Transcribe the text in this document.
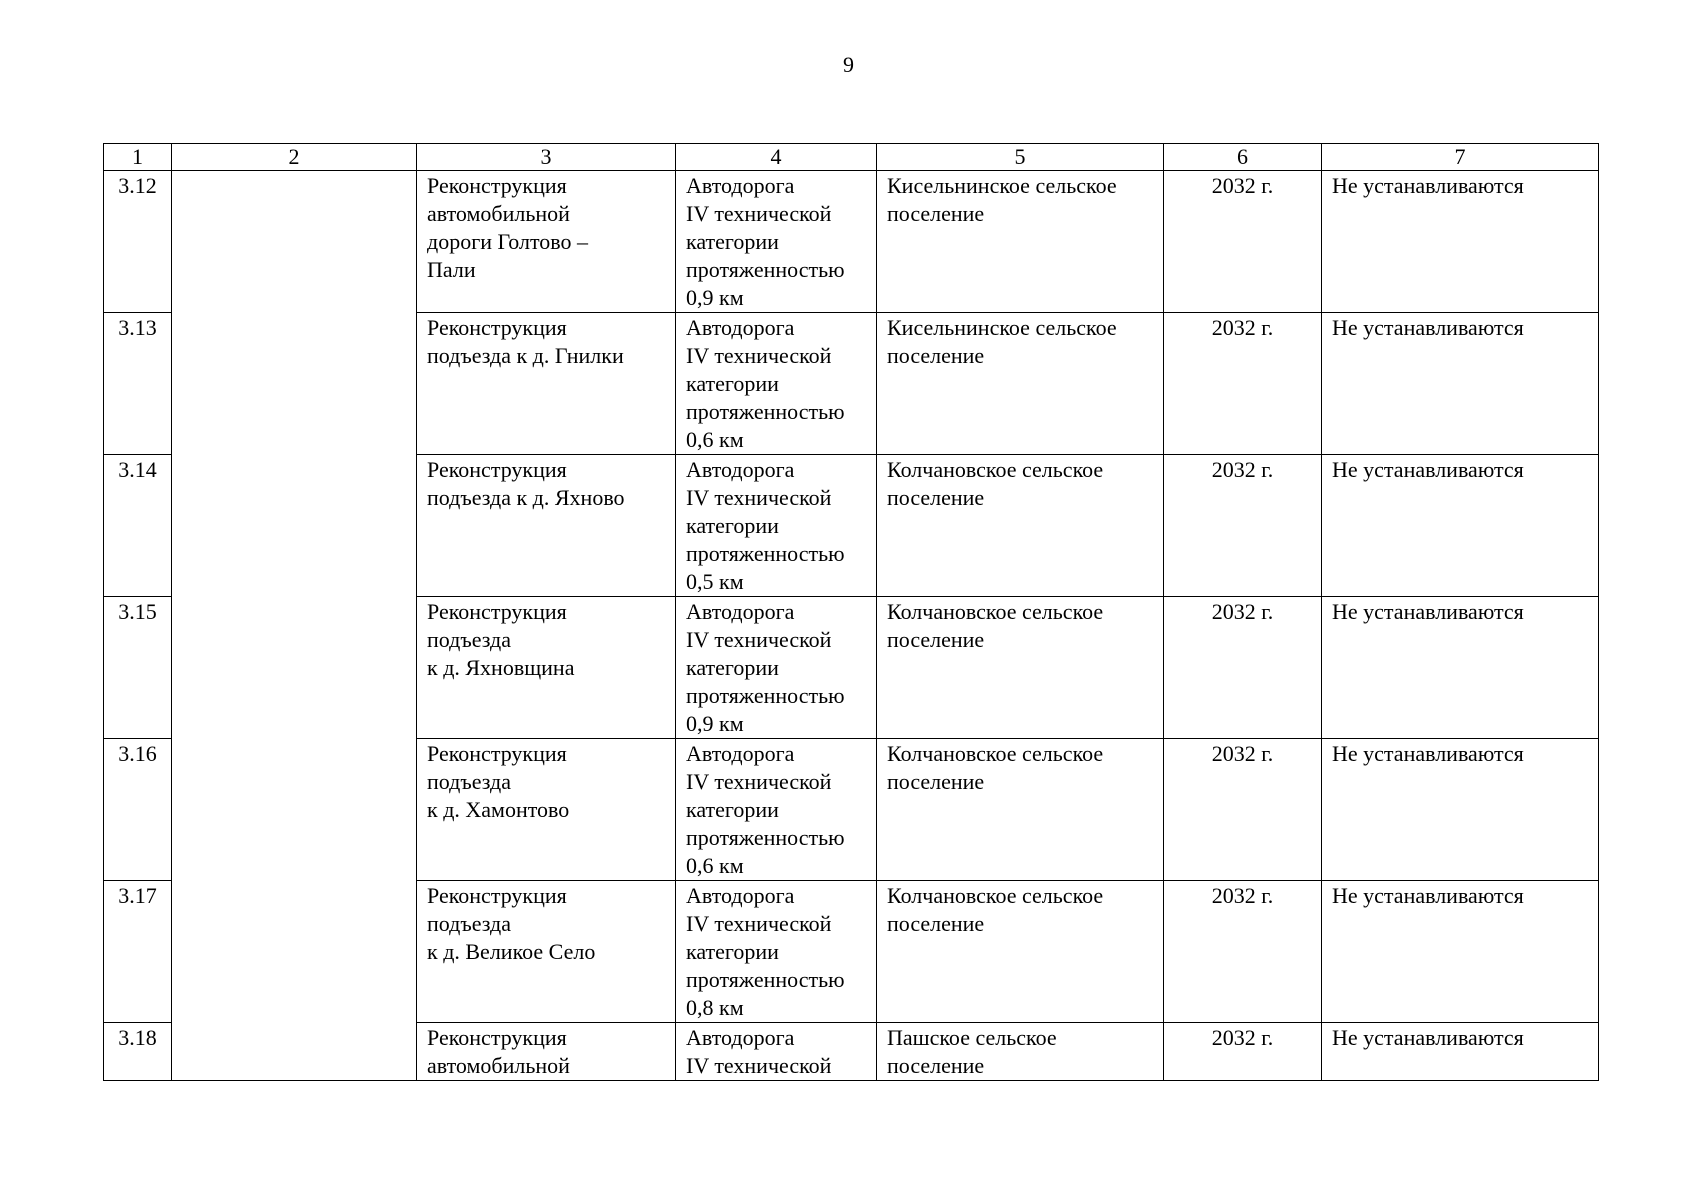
9
1	2	3	4	5	6	7
3.12		Реконструкция
автомобильной
дороги Голтово –
Пали	Автодорога
IV технической
категории
протяженностью
0,9 км	Кисельнинское сельское
поселение	2032 г.	Не устанавливаются
3.13		Реконструкция
подъезда к д. Гнилки	Автодорога
IV технической
категории
протяженностью
0,6 км	Кисельнинское сельское
поселение	2032 г.	Не устанавливаются
3.14		Реконструкция
подъезда к д. Яхново	Автодорога
IV технической
категории
протяженностью
0,5 км	Колчановское сельское
поселение	2032 г.	Не устанавливаются
3.15		Реконструкция
подъезда
к д. Яхновщина	Автодорога
IV технической
категории
протяженностью
0,9 км	Колчановское сельское
поселение	2032 г.	Не устанавливаются
3.16		Реконструкция
подъезда
к д. Хамонтово	Автодорога
IV технической
категории
протяженностью
0,6 км	Колчановское сельское
поселение	2032 г.	Не устанавливаются
3.17		Реконструкция
подъезда
к д. Великое Село	Автодорога
IV технической
категории
протяженностью
0,8 км	Колчановское сельское
поселение	2032 г.	Не устанавливаются
3.18		Реконструкция
автомобильной	Автодорога
IV технической	Пашское сельское
поселение	2032 г.	Не устанавливаются
